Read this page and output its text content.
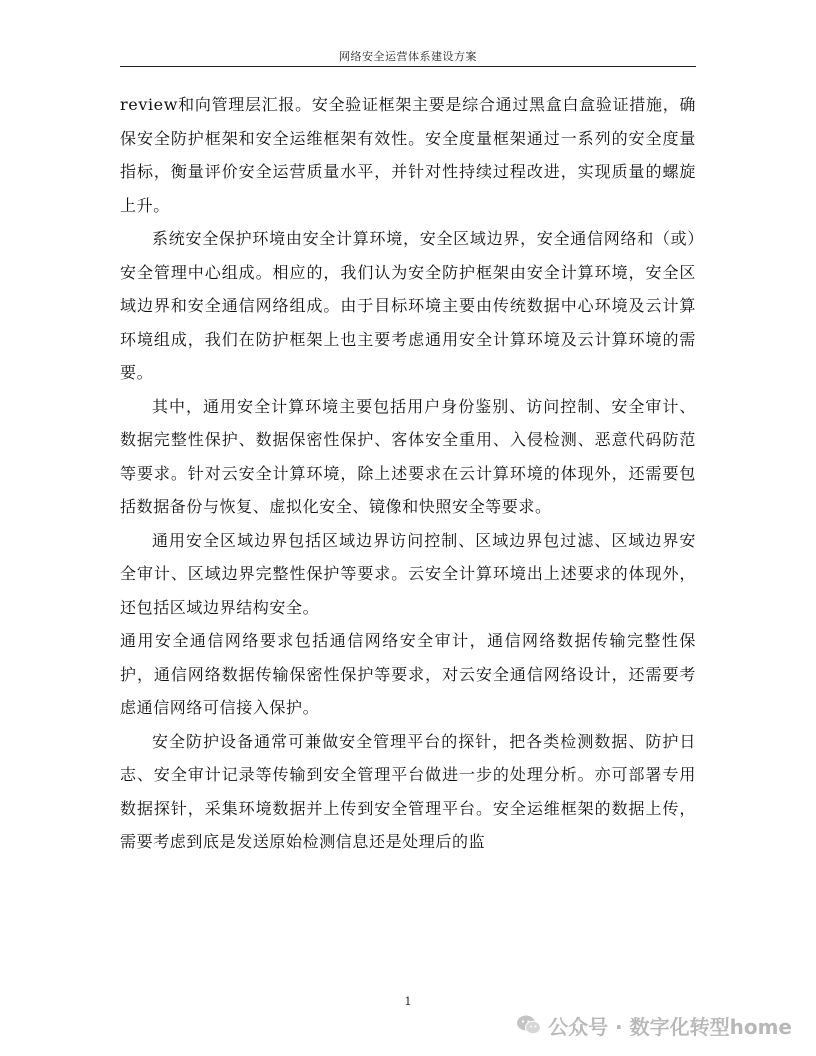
网络安全运营体系建设方案

review和向管理层汇报。安全验证框架主要是综合通过黑盒白盒验证措施，确保安全防护框架和安全运维框架有效性。安全度量框架通过一系列的安全度量指标，衡量评价安全运营质量水平，并针对性持续过程改进，实现质量的螺旋上升。

系统安全保护环境由安全计算环境，安全区域边界，安全通信网络和（或）安全管理中心组成。相应的，我们认为安全防护框架由安全计算环境，安全区域边界和安全通信网络组成。由于目标环境主要由传统数据中心环境及云计算环境组成，我们在防护框架上也主要考虑通用安全计算环境及云计算环境的需要。

其中，通用安全计算环境主要包括用户身份鉴别、访问控制、安全审计、数据完整性保护、数据保密性保护、客体安全重用、入侵检测、恶意代码防范等要求。针对云安全计算环境，除上述要求在云计算环境的体现外，还需要包括数据备份与恢复、虚拟化安全、镜像和快照安全等要求。

通用安全区域边界包括区域边界访问控制、区域边界包过滤、区域边界安全审计、区域边界完整性保护等要求。云安全计算环境出上述要求的体现外，还包括区域边界结构安全。

通用安全通信网络要求包括通信网络安全审计，通信网络数据传输完整性保护，通信网络数据传输保密性保护等要求，对云安全通信网络设计，还需要考虑通信网络可信接入保护。

安全防护设备通常可兼做安全管理平台的探针，把各类检测数据、防护日志、安全审计记录等传输到安全管理平台做进一步的处理分析。亦可部署专用数据探针，采集环境数据并上传到安全管理平台。安全运维框架的数据上传，需要考虑到底是发送原始检测信息还是处理后的监

1
公众号 · 数字化转型home
